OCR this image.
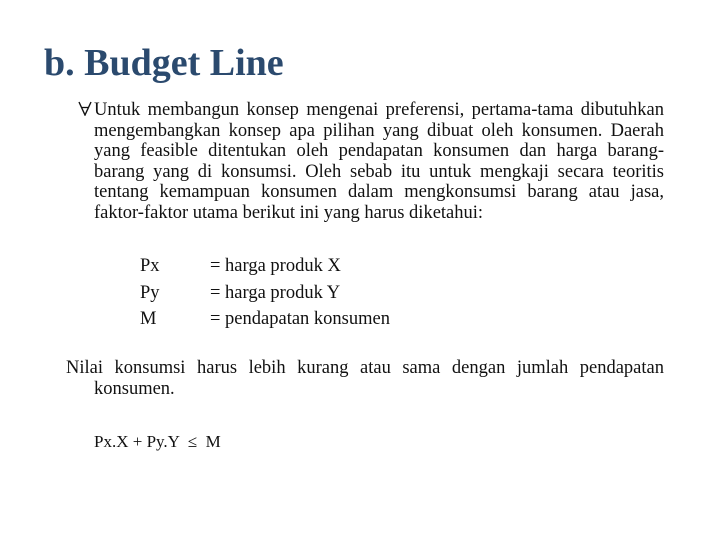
b. Budget Line
Untuk membangun konsep mengenai preferensi, pertama-tama dibutuhkan mengembangkan konsep apa pilihan yang dibuat oleh konsumen. Daerah yang feasible ditentukan oleh pendapatan konsumen dan harga barang-barang yang di konsumsi. Oleh sebab itu untuk mengkaji secara teoritis tentang kemampuan konsumen dalam mengkonsumsi barang atau jasa, faktor-faktor utama berikut ini yang harus diketahui:
Px	= harga produk X
Py	= harga produk Y
M	= pendapatan konsumen
Nilai konsumsi harus lebih kurang atau sama dengan jumlah pendapatan konsumen.
Px.X + Py.Y  ≤  M
